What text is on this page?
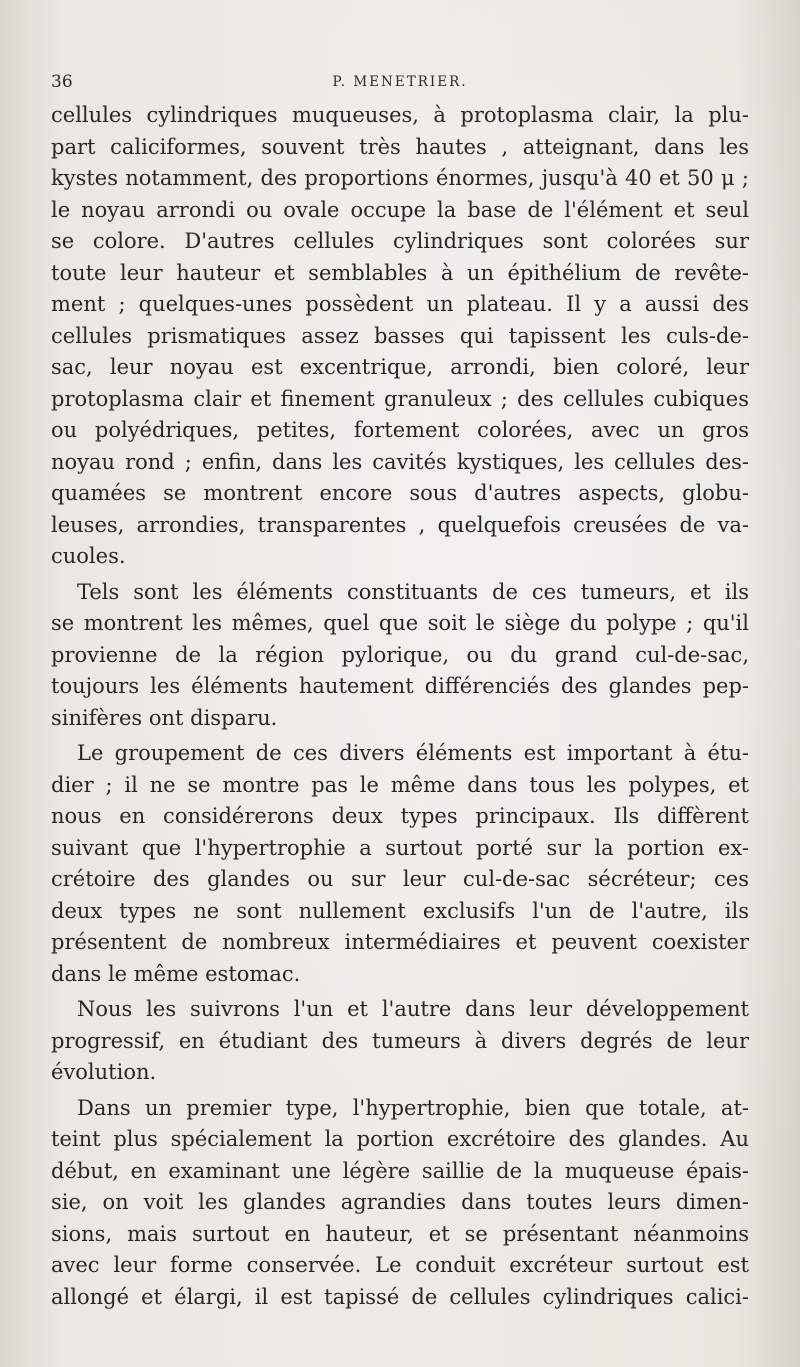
36	P. MENETRIER.
cellules cylindriques muqueuses, à protoplasma clair, la plu-
part caliciformes, souvent très hautes , atteignant, dans les
kystes notamment, des proportions énormes, jusqu'à 40 et 50 μ ;
le noyau arrondi ou ovale occupe la base de l'élément et seul
se colore. D'autres cellules cylindriques sont colorées sur
toute leur hauteur et semblables à un épithélium de revête-
ment ; quelques-unes possèdent un plateau. Il y a aussi des
cellules prismatiques assez basses qui tapissent les culs-de-
sac, leur noyau est excentrique, arrondi, bien coloré, leur
protoplasma clair et finement granuleux ; des cellules cubiques
ou polyédriques, petites, fortement colorées, avec un gros
noyau rond ; enfin, dans les cavités kystiques, les cellules des-
quamées se montrent encore sous d'autres aspects, globu-
leuses, arrondies, transparentes , quelquefois creusées de va-
cuoles.
Tels sont les éléments constituants de ces tumeurs, et ils
se montrent les mêmes, quel que soit le siège du polype ; qu'il
provienne de la région pylorique, ou du grand cul-de-sac,
toujours les éléments hautement différenciés des glandes pep-
sinifères ont disparu.
Le groupement de ces divers éléments est important à étu-
dier ; il ne se montre pas le même dans tous les polypes, et
nous en considérerons deux types principaux. Ils diffèrent
suivant que l'hypertrophie a surtout porté sur la portion ex-
crétoire des glandes ou sur leur cul-de-sac sécréteur; ces
deux types ne sont nullement exclusifs l'un de l'autre, ils
présentent de nombreux intermédiaires et peuvent coexister
dans le même estomac.
Nous les suivrons l'un et l'autre dans leur développement
progressif, en étudiant des tumeurs à divers degrés de leur
évolution.
Dans un premier type, l'hypertrophie, bien que totale, at-
teint plus spécialement la portion excrétoire des glandes. Au
début, en examinant une légère saillie de la muqueuse épais-
sie, on voit les glandes agrandies dans toutes leurs dimen-
sions, mais surtout en hauteur, et se présentant néanmoins
avec leur forme conservée. Le conduit excréteur surtout est
allongé et élargi, il est tapissé de cellules cylindriques calici-
